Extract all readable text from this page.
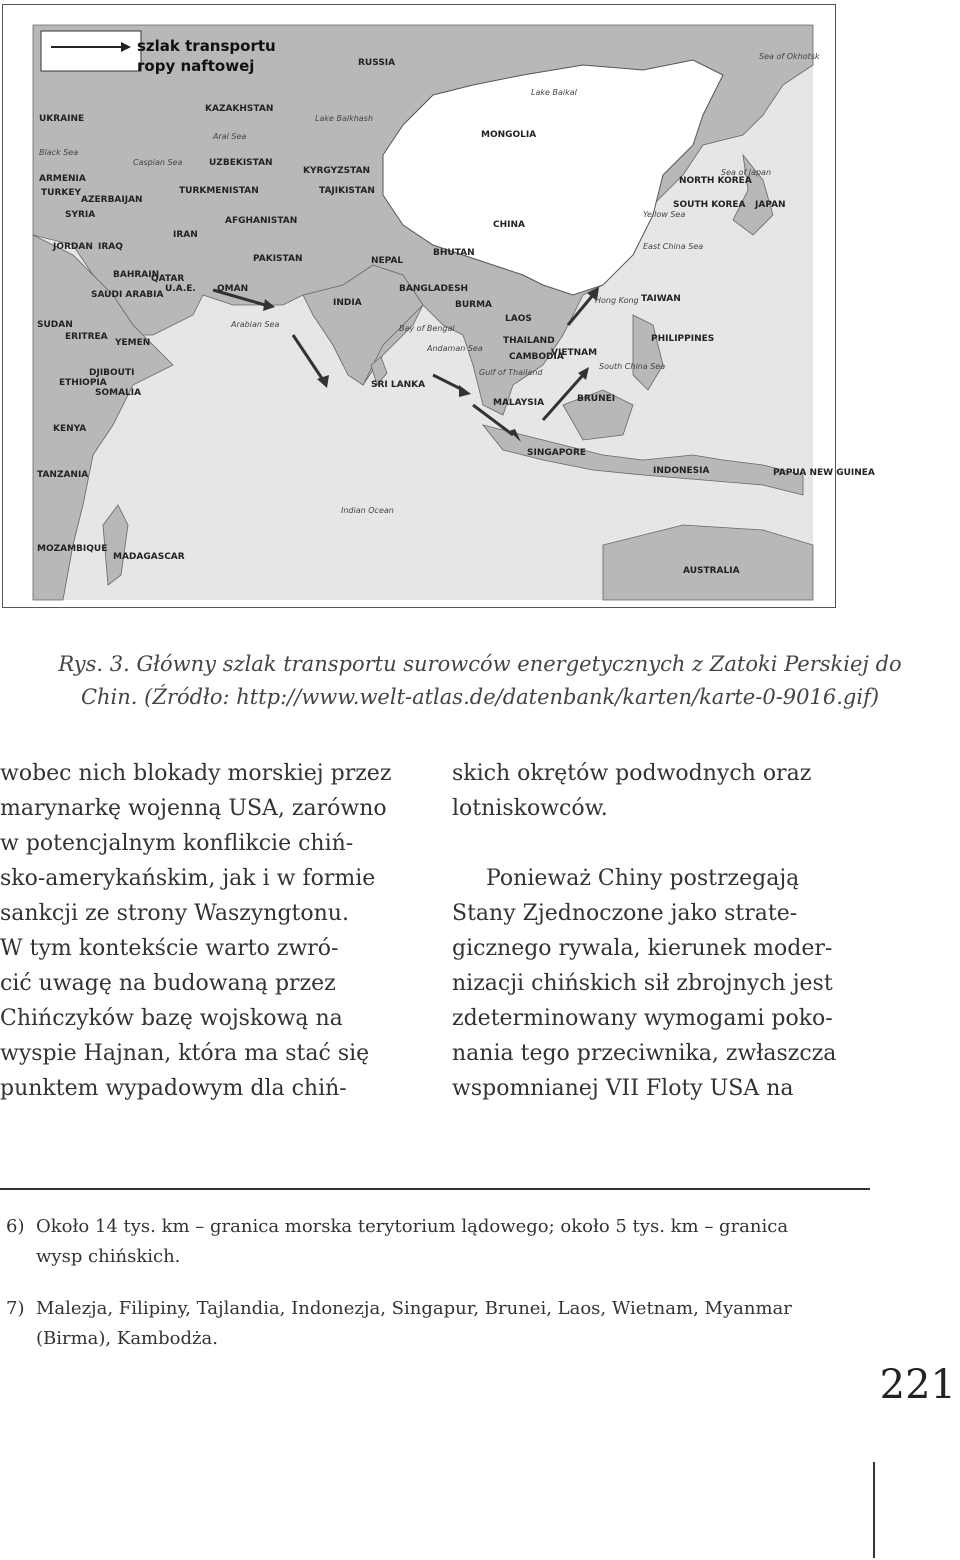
szlak transportu
ropy naftowej	RUSSIA
KAZAKHSTAN
MONGOLIA
CHINA
INDIA
IRAN
IRAQ
SYRIA
JORDAN
TURKEY
ARMENIA
AZERBAIJAN
UKRAINE
UZBEKISTAN
TURKMENISTAN	TAJIKISTAN
KYRGYZSTAN
AFGHANISTAN
PAKISTAN	NEPAL
BHUTAN
BANGLADESH
BURMA
LAOS
THAILAND
CAMBODIA
VIETNAM
MALAYSIA
SINGAPORE
BRUNEI
INDONESIA
PHILIPPINES
TAIWAN
Hong Kong
NORTH KOREA
SOUTH KOREA JAPAN
SRI LANKA
SAUDI ARABIA
BAHRAIN
QATAR
U.A.E. OMAN
YEMEN
SUDAN
ERITREA
DJIBOUTI
ETHIOPIA
SOMALIA
KENYA
TANZANIA
MOZAMBIQUE
MADAGASCAR
AUSTRALIA
PAPUA NEW GUINEA
Indian Ocean
Arabian Sea	Bay of Bengal
Andaman Sea
South China Sea
East China Sea
Yellow Sea
Sea of Japan
Sea of Okhotsk
Lake Balkhash
Lake Baikal
Aral Sea
Caspian Sea
Black Sea
Gulf of Thailand
Rys. 3. Główny szlak transportu surowców energetycznych z Zatoki Perskiej do
Chin. (Źródło: http://www.welt-atlas.de/datenbank/karten/karte-0-9016.gif)
wobec nich blokady morskiej przez
marynarkę wojenną USA, zarówno
w potencjalnym konflikcie chiń-
sko-amerykańskim, jak i w formie
sankcji ze strony Waszyngtonu.
W tym kontekście warto zwró-
cić uwagę na budowaną przez
Chińczyków bazę wojskową na
wyspie Hajnan, która ma stać się
punktem wypadowym dla chiń-
skich okrętów podwodnych oraz
lotniskowców.
Ponieważ Chiny postrzegają
Stany Zjednoczone jako strate-
gicznego rywala, kierunek moder-
nizacji chińskich sił zbrojnych jest
zdeterminowany wymogami poko-
nania tego przeciwnika, zwłaszcza
wspomnianej VII Floty USA na
6) Około 14 tys. km – granica morska terytorium lądowego; około 5 tys. km – granica
wysp chińskich.
7) Malezja, Filipiny, Tajlandia, Indonezja, Singapur, Brunei, Laos, Wietnam, Myanmar
(Birma), Kambodża.
221
